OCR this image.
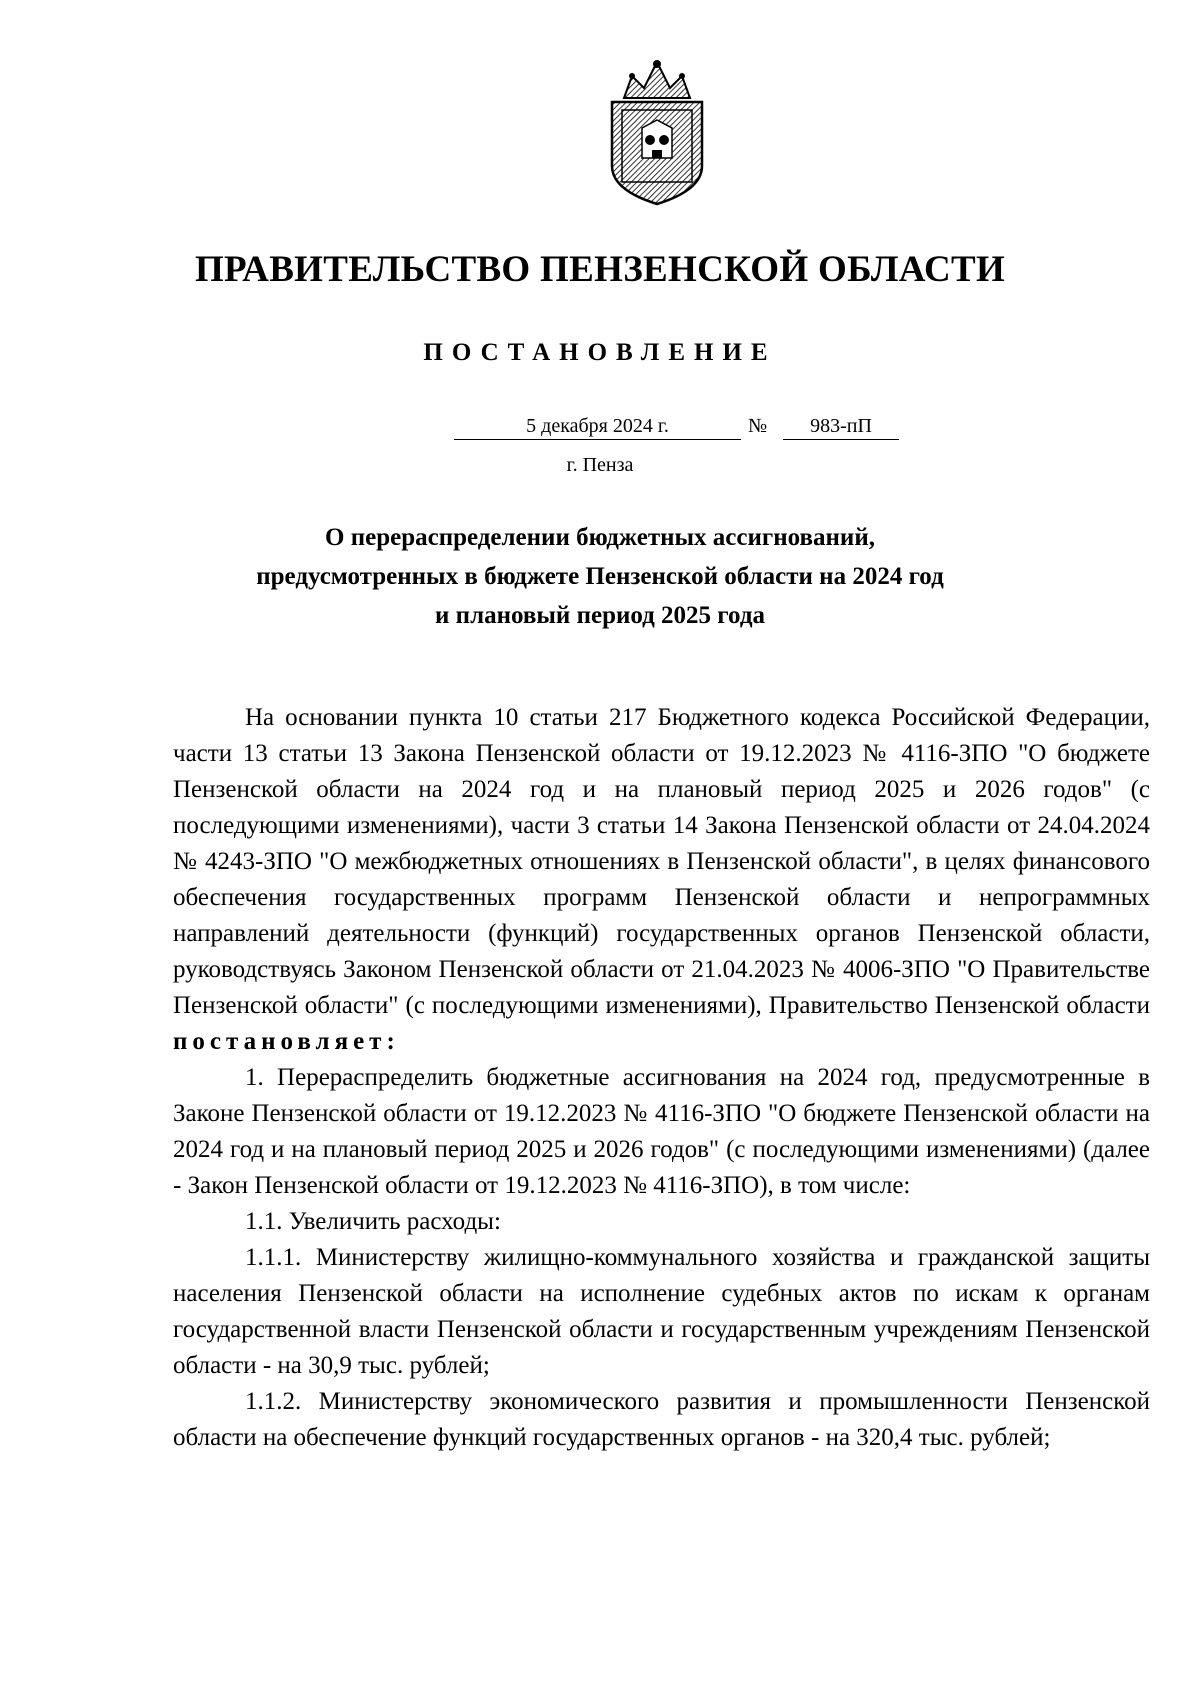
ПРАВИТЕЛЬСТВО ПЕНЗЕНСКОЙ ОБЛАСТИ
ПОСТАНОВЛЕНИЕ
5 декабря 2024 г.	№	983-пП
г. Пенза
О перераспределении бюджетных ассигнований,
предусмотренных в бюджете Пензенской области на 2024 год
и плановый период 2025 года

На основании пункта 10 статьи 217 Бюджетного кодекса Российской Федерации, части 13 статьи 13 Закона Пензенской области от 19.12.2023 № 4116-ЗПО "О бюджете Пензенской области на 2024 год и на плановый период 2025 и 2026 годов" (с последующими изменениями), части 3 статьи 14 Закона Пензенской области от 24.04.2024 № 4243-ЗПО "О межбюджетных отношениях в Пензенской области", в целях финансового обеспечения государственных программ Пензенской области и непрограммных направлений деятельности (функций) государственных органов Пензенской области, руководствуясь Законом Пензенской области от 21.04.2023 № 4006-ЗПО "О Правительстве Пензенской области" (с последующими изменениями), Правительство Пензенской области постановляет:

1. Перераспределить бюджетные ассигнования на 2024 год, предусмотренные в Законе Пензенской области от 19.12.2023 № 4116-ЗПО "О бюджете Пензенской области на 2024 год и на плановый период 2025 и 2026 годов" (с последующими изменениями) (далее - Закон Пензенской области от 19.12.2023 № 4116-ЗПО), в том числе:

1.1. Увеличить расходы:

1.1.1. Министерству жилищно-коммунального хозяйства и гражданской защиты населения Пензенской области на исполнение судебных актов по искам к органам государственной власти Пензенской области и государственным учреждениям Пензенской области - на 30,9 тыс. рублей;

1.1.2. Министерству экономического развития и промышленности Пензенской области на обеспечение функций государственных органов - на 320,4 тыс. рублей;
